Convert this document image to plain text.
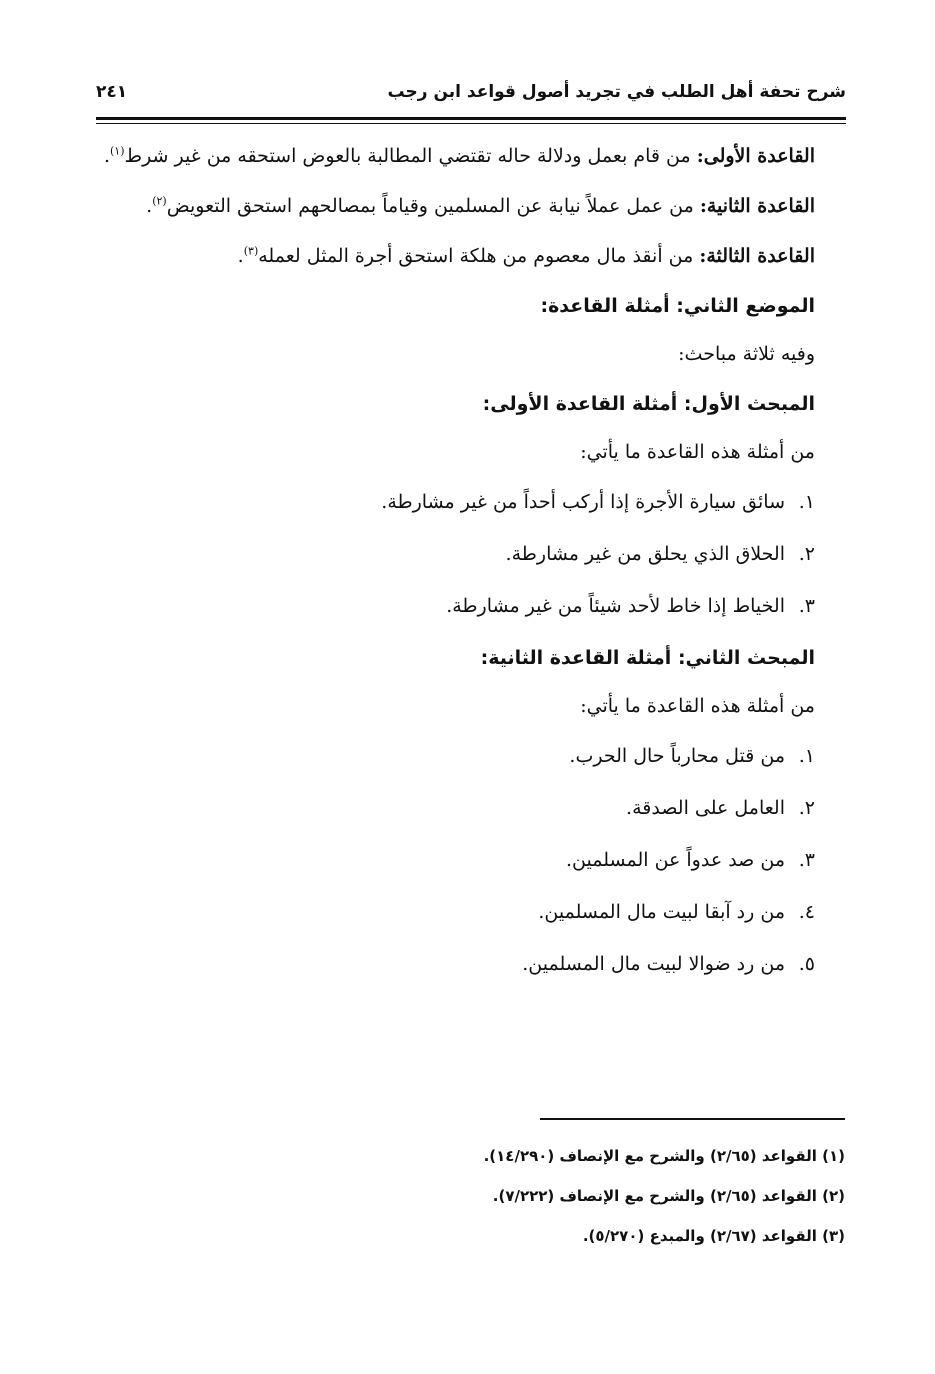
شرح تحفة أهل الطلب في تجريد أصول قواعد ابن رجب
٢٤١

القاعدة الأولى: من قام بعمل ودلالة حاله تقتضي المطالبة بالعوض استحقه من غير شرط$^{(١)}$.

القاعدة الثانية: من عمل عملاً نيابة عن المسلمين وقياماً بمصالحهم استحق التعويض$^{(٢)}$.

القاعدة الثالثة: من أنقذ مال معصوم من هلكة استحق أجرة المثل لعمله$^{(٣)}$.

الموضع الثاني: أمثلة القاعدة:
وفيه ثلاثة مباحث:
المبحث الأول: أمثلة القاعدة الأولى:
من أمثلة هذه القاعدة ما يأتي:
١.سائق سيارة الأجرة إذا أركب أحداً من غير مشارطة.
٢.الحلاق الذي يحلق من غير مشارطة.
٣.الخياط إذا خاط لأحد شيئاً من غير مشارطة.
المبحث الثاني: أمثلة القاعدة الثانية:
من أمثلة هذه القاعدة ما يأتي:
١.من قتل محارباً حال الحرب.
٢.العامل على الصدقة.
٣.من صد عدواً عن المسلمين.
٤.من رد آبقا لبيت مال المسلمين.
٥.من رد ضوالا لبيت مال المسلمين.
(١) القواعد (٢/٦٥) والشرح مع الإنصاف (١٤/٢٩٠).
(٢) القواعد (٢/٦٥) والشرح مع الإنصاف (٧/٢٢٢).
(٣) القواعد (٢/٦٧) والمبدع (٥/٢٧٠).
